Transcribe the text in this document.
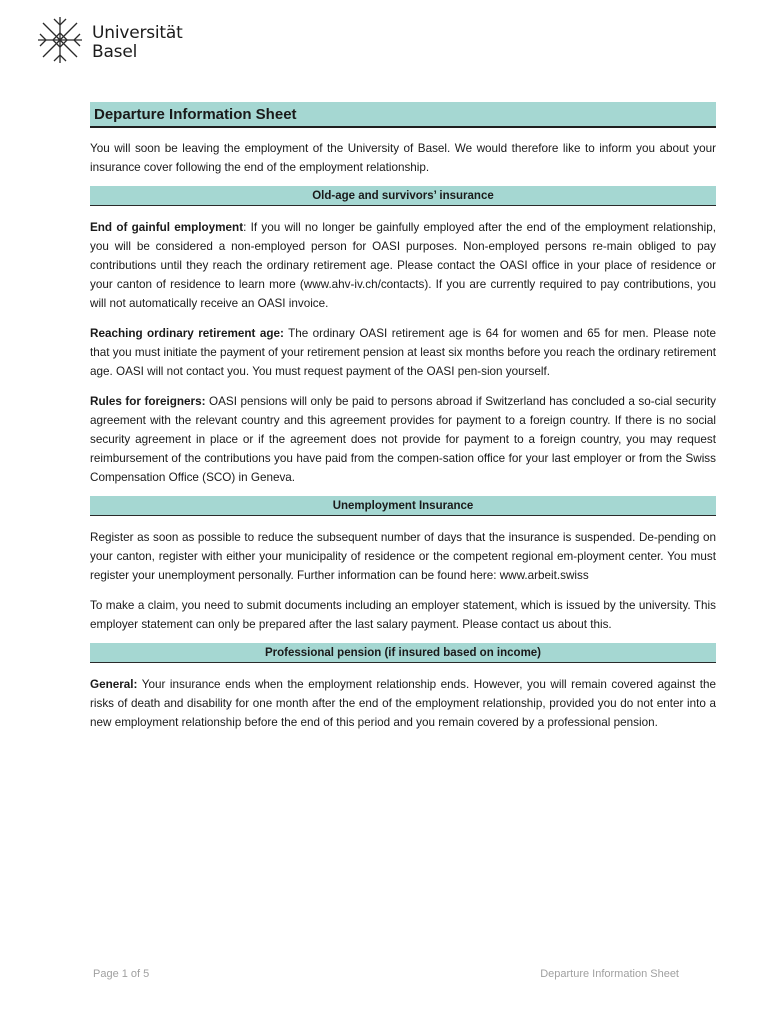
Universität
Basel
Departure Information Sheet

You will soon be leaving the employment of the University of Basel. We would therefore like to inform you about your insurance cover following the end of the employment relationship.

Old-age and survivors’ insurance

End of gainful employment: If you will no longer be gainfully employed after the end of the employment relationship, you will be considered a non-employed person for OASI purposes. Non-employed persons re-main obliged to pay contributions until they reach the ordinary retirement age. Please contact the OASI office in your place of residence or your canton of residence to learn more (www.ahv-iv.ch/contacts). If you are currently required to pay contributions, you will not automatically receive an OASI invoice.

Reaching ordinary retirement age: The ordinary OASI retirement age is 64 for women and 65 for men. Please note that you must initiate the payment of your retirement pension at least six months before you reach the ordinary retirement age. OASI will not contact you. You must request payment of the OASI pen-sion yourself.

Rules for foreigners: OASI pensions will only be paid to persons abroad if Switzerland has concluded a so-cial security agreement with the relevant country and this agreement provides for payment to a foreign country. If there is no social security agreement in place or if the agreement does not provide for payment to a foreign country, you may request reimbursement of the contributions you have paid from the compen-sation office for your last employer or from the Swiss Compensation Office (SCO) in Geneva.

Unemployment Insurance

Register as soon as possible to reduce the subsequent number of days that the insurance is suspended. De-pending on your canton, register with either your municipality of residence or the competent regional em-ployment center. You must register your unemployment personally. Further information can be found here: www.arbeit.swiss

To make a claim, you need to submit documents including an employer statement, which is issued by the university. This employer statement can only be prepared after the last salary payment. Please contact us about this.

Professional pension (if insured based on income)

General: Your insurance ends when the employment relationship ends. However, you will remain covered against the risks of death and disability for one month after the end of the employment relationship, provided you do not enter into a new employment relationship before the end of this period and you remain covered by a professional pension.

Page 1 of 5	Departure Information Sheet
